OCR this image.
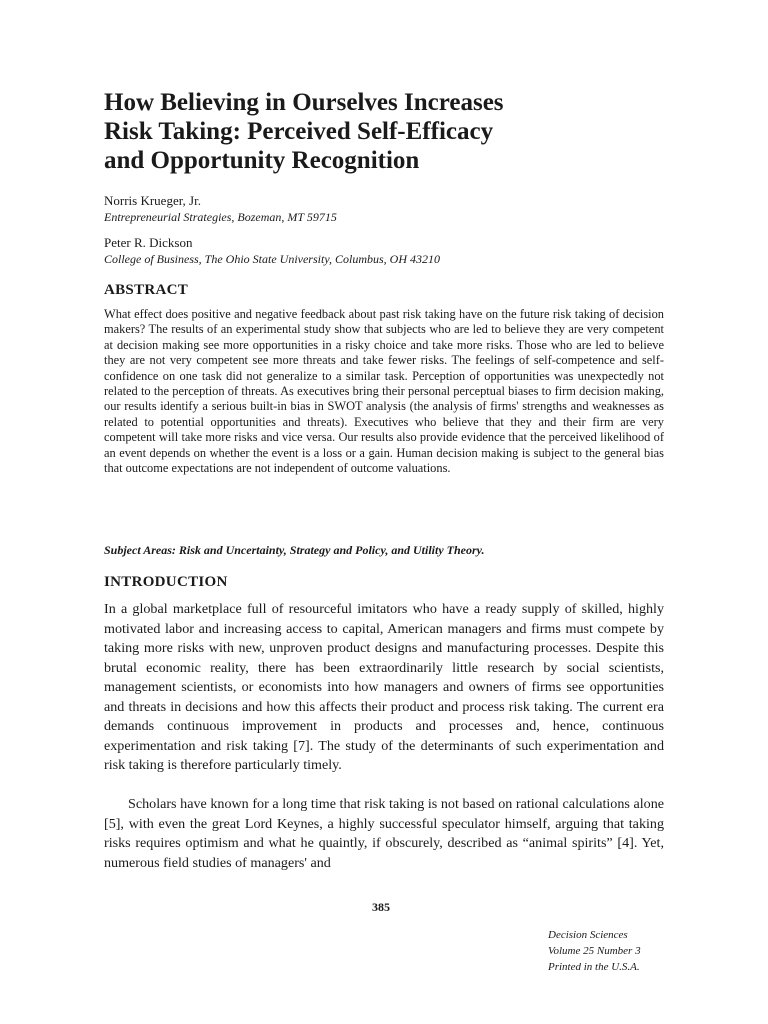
How Believing in Ourselves Increases
Risk Taking: Perceived Self-Efficacy
and Opportunity Recognition
Norris Krueger, Jr.
Entrepreneurial Strategies, Bozeman, MT 59715
Peter R. Dickson
College of Business, The Ohio State University, Columbus, OH 43210
ABSTRACT

What effect does positive and negative feedback about past risk taking have on the future risk taking of decision makers? The results of an experimental study show that subjects who are led to believe they are very competent at decision making see more opportunities in a risky choice and take more risks. Those who are led to believe they are not very competent see more threats and take fewer risks. The feelings of self-competence and self-confidence on one task did not generalize to a similar task. Perception of opportunities was unexpectedly not related to the perception of threats. As executives bring their personal perceptual biases to firm decision making, our results identify a serious built-in bias in SWOT analysis (the analysis of firms' strengths and weaknesses as related to potential opportunities and threats). Executives who believe that they and their firm are very competent will take more risks and vice versa. Our results also provide evidence that the perceived likelihood of an event depends on whether the event is a loss or a gain. Human decision making is subject to the general bias that outcome expectations are not independent of outcome valuations.

Subject Areas: Risk and Uncertainty, Strategy and Policy, and Utility Theory.

INTRODUCTION

In a global marketplace full of resourceful imitators who have a ready supply of skilled, highly motivated labor and increasing access to capital, American managers and firms must compete by taking more risks with new, unproven product designs and manufacturing processes. Despite this brutal economic reality, there has been extraordinarily little research by social scientists, management scientists, or economists into how managers and owners of firms see opportunities and threats in decisions and how this affects their product and process risk taking. The current era demands continuous improvement in products and processes and, hence, continuous experimentation and risk taking [7]. The study of the determinants of such experimentation and risk taking is therefore particularly timely.

Scholars have known for a long time that risk taking is not based on rational calculations alone [5], with even the great Lord Keynes, a highly successful speculator himself, arguing that taking risks requires optimism and what he quaintly, if obscurely, described as “animal spirits” [4]. Yet, numerous field studies of managers' and

385
Decision Sciences
Volume 25 Number 3
Printed in the U.S.A.
